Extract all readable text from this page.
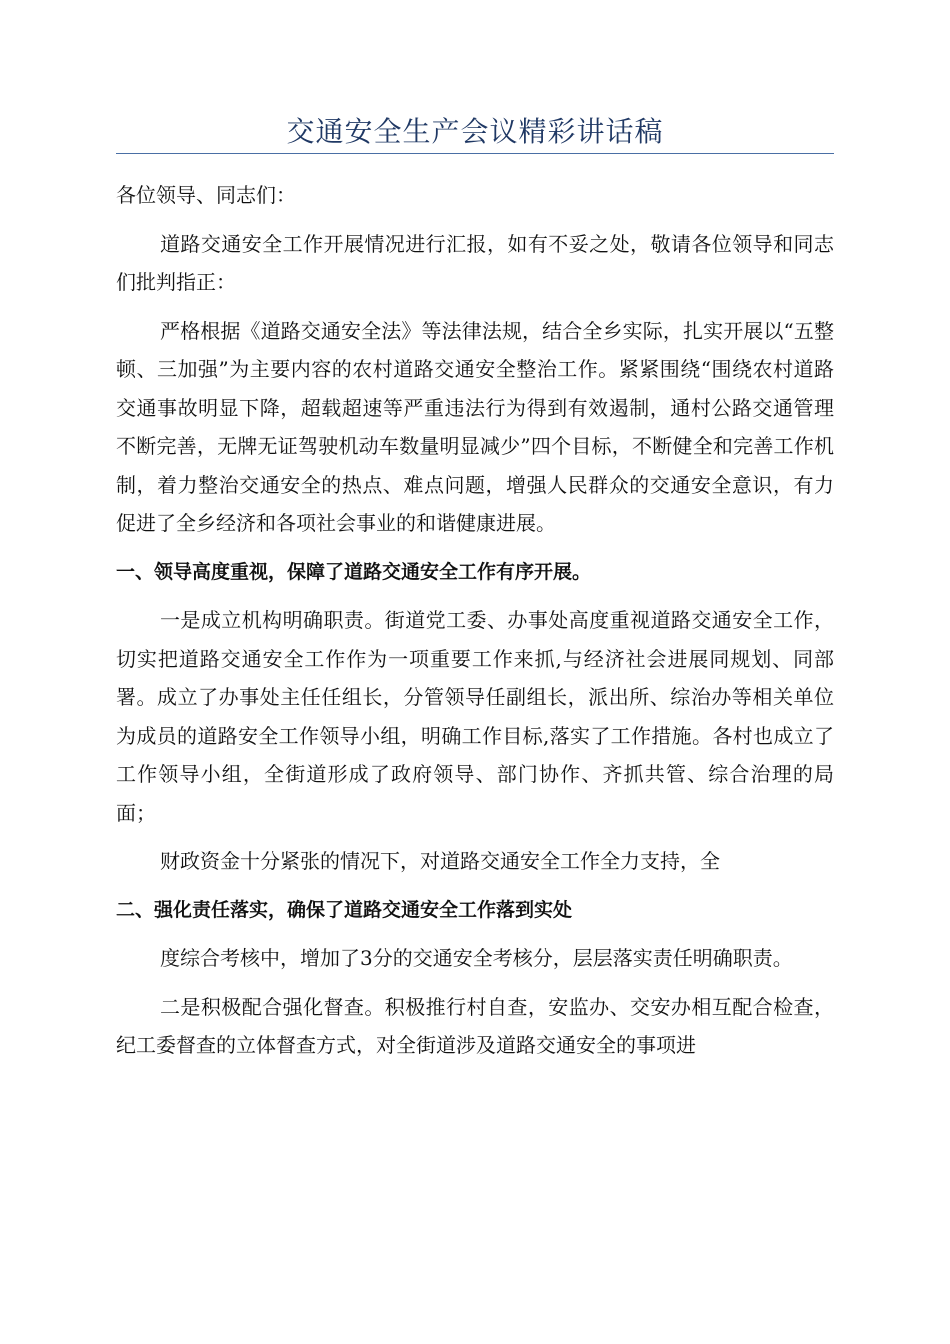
交通安全生产会议精彩讲话稿

各位领导、同志们：

道路交通安全工作开展情况进行汇报，如有不妥之处，敬请各位领导和同志们批判指正：

严格根据《道路交通安全法》等法律法规，结合全乡实际，扎实开展以“五整顿、三加强”为主要内容的农村道路交通安全整治工作。紧紧围绕“围绕农村道路交通事故明显下降，超载超速等严重违法行为得到有效遏制，通村公路交通管理不断完善，无牌无证驾驶机动车数量明显减少”四个目标，不断健全和完善工作机制，着力整治交通安全的热点、难点问题，增强人民群众的交通安全意识，有力促进了全乡经济和各项社会事业的和谐健康进展。

一、领导高度重视，保障了道路交通安全工作有序开展。

一是成立机构明确职责。街道党工委、办事处高度重视道路交通安全工作，切实把道路交通安全工作作为一项重要工作来抓,与经济社会进展同规划、同部署。成立了办事处主任任组长，分管领导任副组长，派出所、综治办等相关单位为成员的道路安全工作领导小组，明确工作目标,落实了工作措施。各村也成立了工作领导小组，全街道形成了政府领导、部门协作、齐抓共管、综合治理的局面；

财政资金十分紧张的情况下，对道路交通安全工作全力支持，全

二、强化责任落实，确保了道路交通安全工作落到实处

度综合考核中，增加了3分的交通安全考核分，层层落实责任明确职责。

二是积极配合强化督查。积极推行村自查，安监办、交安办相互配合检查，纪工委督查的立体督查方式，对全街道涉及道路交通安全的事项进
